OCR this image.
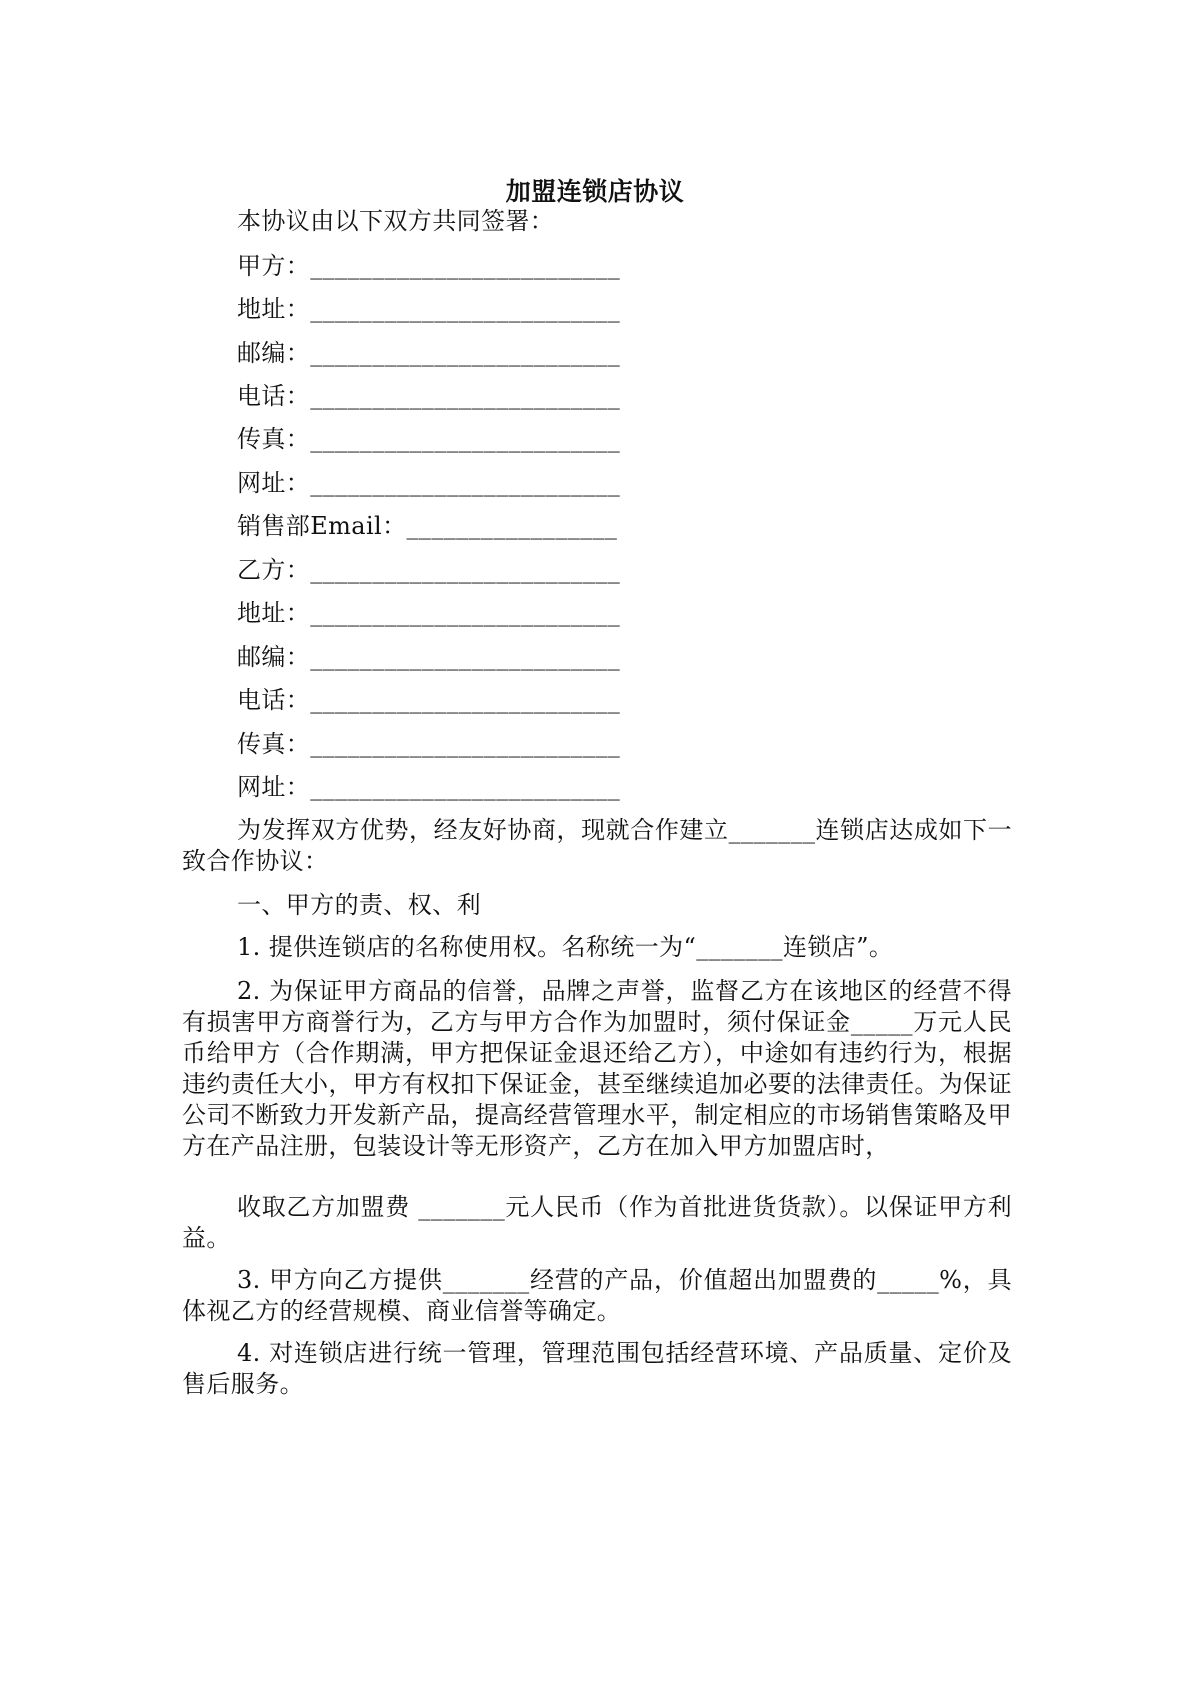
加盟连锁店协议
本协议由以下双方共同签署：
甲方：_________________________
地址：_________________________
邮编：_________________________
电话：_________________________
传真：_________________________
网址：_________________________
销售部Email：_________________
乙方：_________________________
地址：_________________________
邮编：_________________________
电话：_________________________
传真：_________________________
网址：_________________________
为发挥双方优势，经友好协商，现就合作建立_______连锁店达成如下一致合作协议：
一、甲方的责、权、利
1. 提供连锁店的名称使用权。名称统一为“_______连锁店”。
2. 为保证甲方商品的信誉，品牌之声誉，监督乙方在该地区的经营不得有损害甲方商誉行为，乙方与甲方合作为加盟时，须付保证金_____万元人民币给甲方（合作期满，甲方把保证金退还给乙方），中途如有违约行为，根据违约责任大小，甲方有权扣下保证金，甚至继续追加必要的法律责任。为保证公司不断致力开发新产品，提高经营管理水平，制定相应的市场销售策略及甲方在产品注册，包装设计等无形资产，乙方在加入甲方加盟店时，
收取乙方加盟费 _______元人民币（作为首批进货货款）。以保证甲方利益。
3. 甲方向乙方提供_______经营的产品，价值超出加盟费的_____%，具体视乙方的经营规模、商业信誉等确定。
4. 对连锁店进行统一管理，管理范围包括经营环境、产品质量、定价及售后服务。
